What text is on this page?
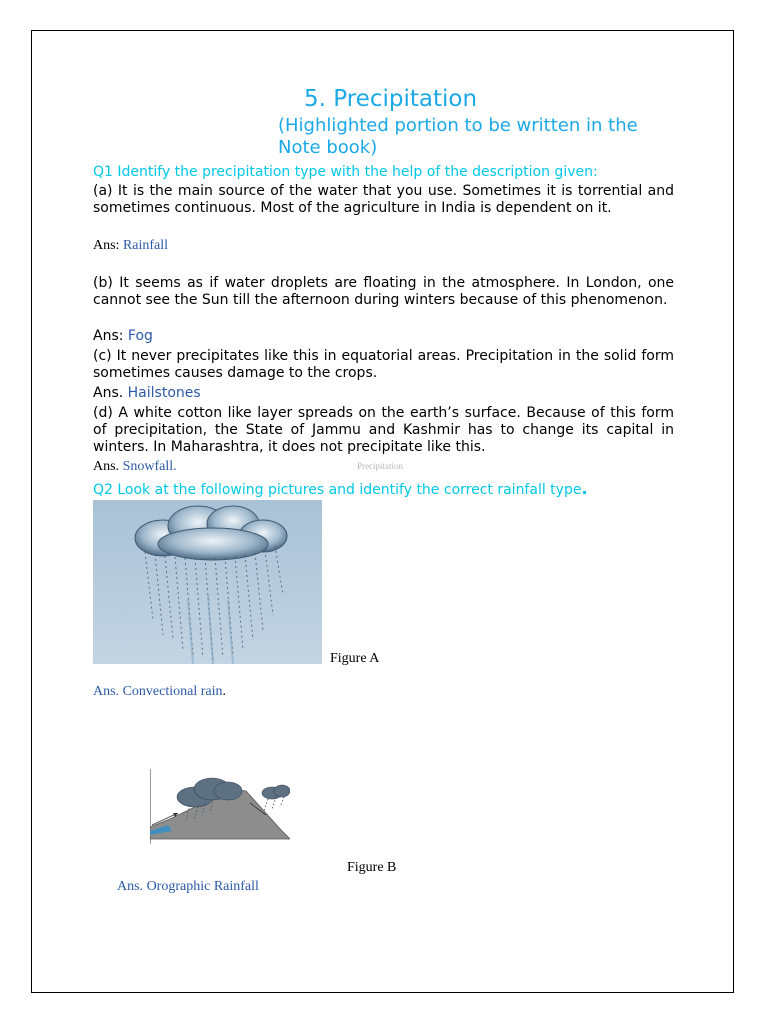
5. Precipitation
(Highlighted portion to be written in the Note book)
Q1 Identify the precipitation type with the help of the description given:

(a) It is the main source of the water that you use. Sometimes it is torrential and sometimes continuous. Most of the agriculture in India is dependent on it.

Ans: Rainfall

(b) It seems as if water droplets are floating in the atmosphere. In London, one cannot see the Sun till the afternoon during winters because of this phenomenon.

Ans: Fog

(c) It never precipitates like this in equatorial areas. Precipitation in the solid form sometimes causes damage to the crops.

Ans. Hailstones

(d) A white cotton like layer spreads on the earth’s surface. Because of this form of precipitation, the State of Jammu and Kashmir has to change its capital in winters. In Maharashtra, it does not precipitate like this.

Ans. Snowfall.	Precipitation
Q2 Look at the following pictures and identify the correct rainfall type.
Figure A
Ans. Convectional rain.
Figure B
Ans. Orographic Rainfall
